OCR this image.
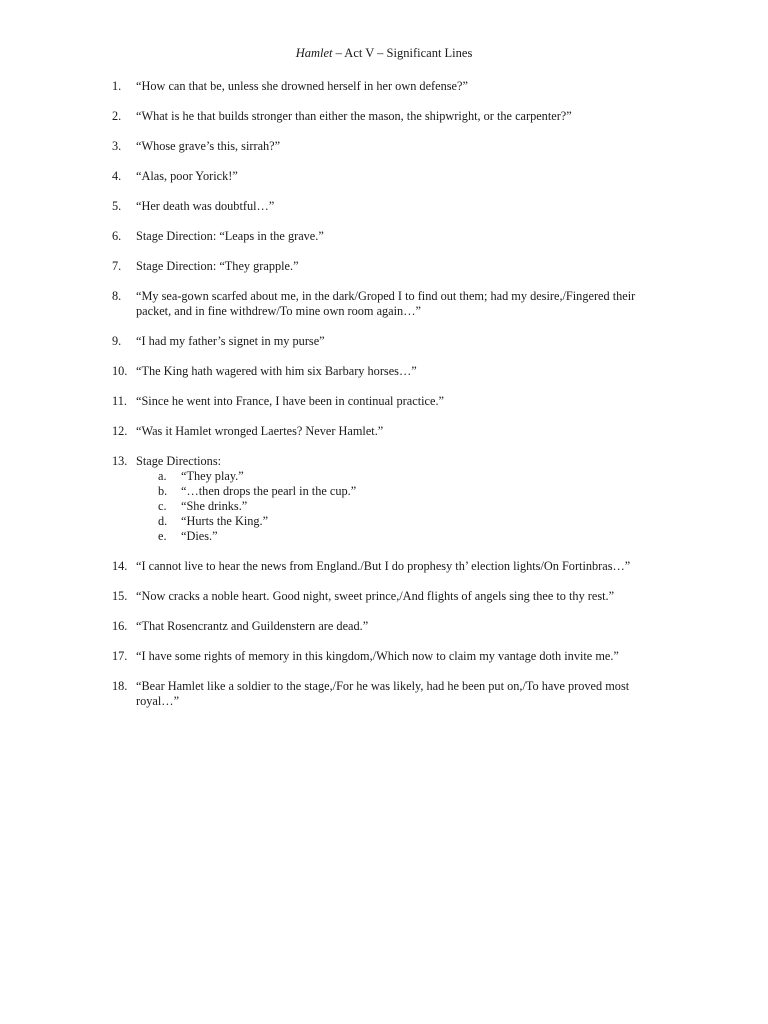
Hamlet – Act V – Significant Lines
1.	“How can that be, unless she drowned herself in her own defense?”
2.	“What is he that builds stronger than either the mason, the shipwright, or the carpenter?”
3.	“Whose grave’s this, sirrah?”
4.	“Alas, poor Yorick!”
5.	“Her death was doubtful…”
6.	Stage Direction: “Leaps in the grave.”
7.	Stage Direction: “They grapple.”
8.	“My sea-gown scarfed about me, in the dark/Groped I to find out them; had my desire,/Fingered their packet, and in fine withdrew/To mine own room again…”
9.	“I had my father’s signet in my purse”
10. “The King hath wagered with him six Barbary horses…”
11. “Since he went into France, I have been in continual practice.”
12. “Was it Hamlet wronged Laertes? Never Hamlet.”
13. Stage Directions:
a.	“They play.”
b.	“…then drops the pearl in the cup.”
c.	“She drinks.”
d.	“Hurts the King.”
e.	“Dies.”
14. “I cannot live to hear the news from England./But I do prophesy th’ election lights/On Fortinbras…”
15. “Now cracks a noble heart. Good night, sweet prince,/And flights of angels sing thee to thy rest.”
16. “That Rosencrantz and Guildenstern are dead.”
17. “I have some rights of memory in this kingdom,/Which now to claim my vantage doth invite me.”
18. “Bear Hamlet like a soldier to the stage,/For he was likely, had he been put on,/To have proved most royal…”
